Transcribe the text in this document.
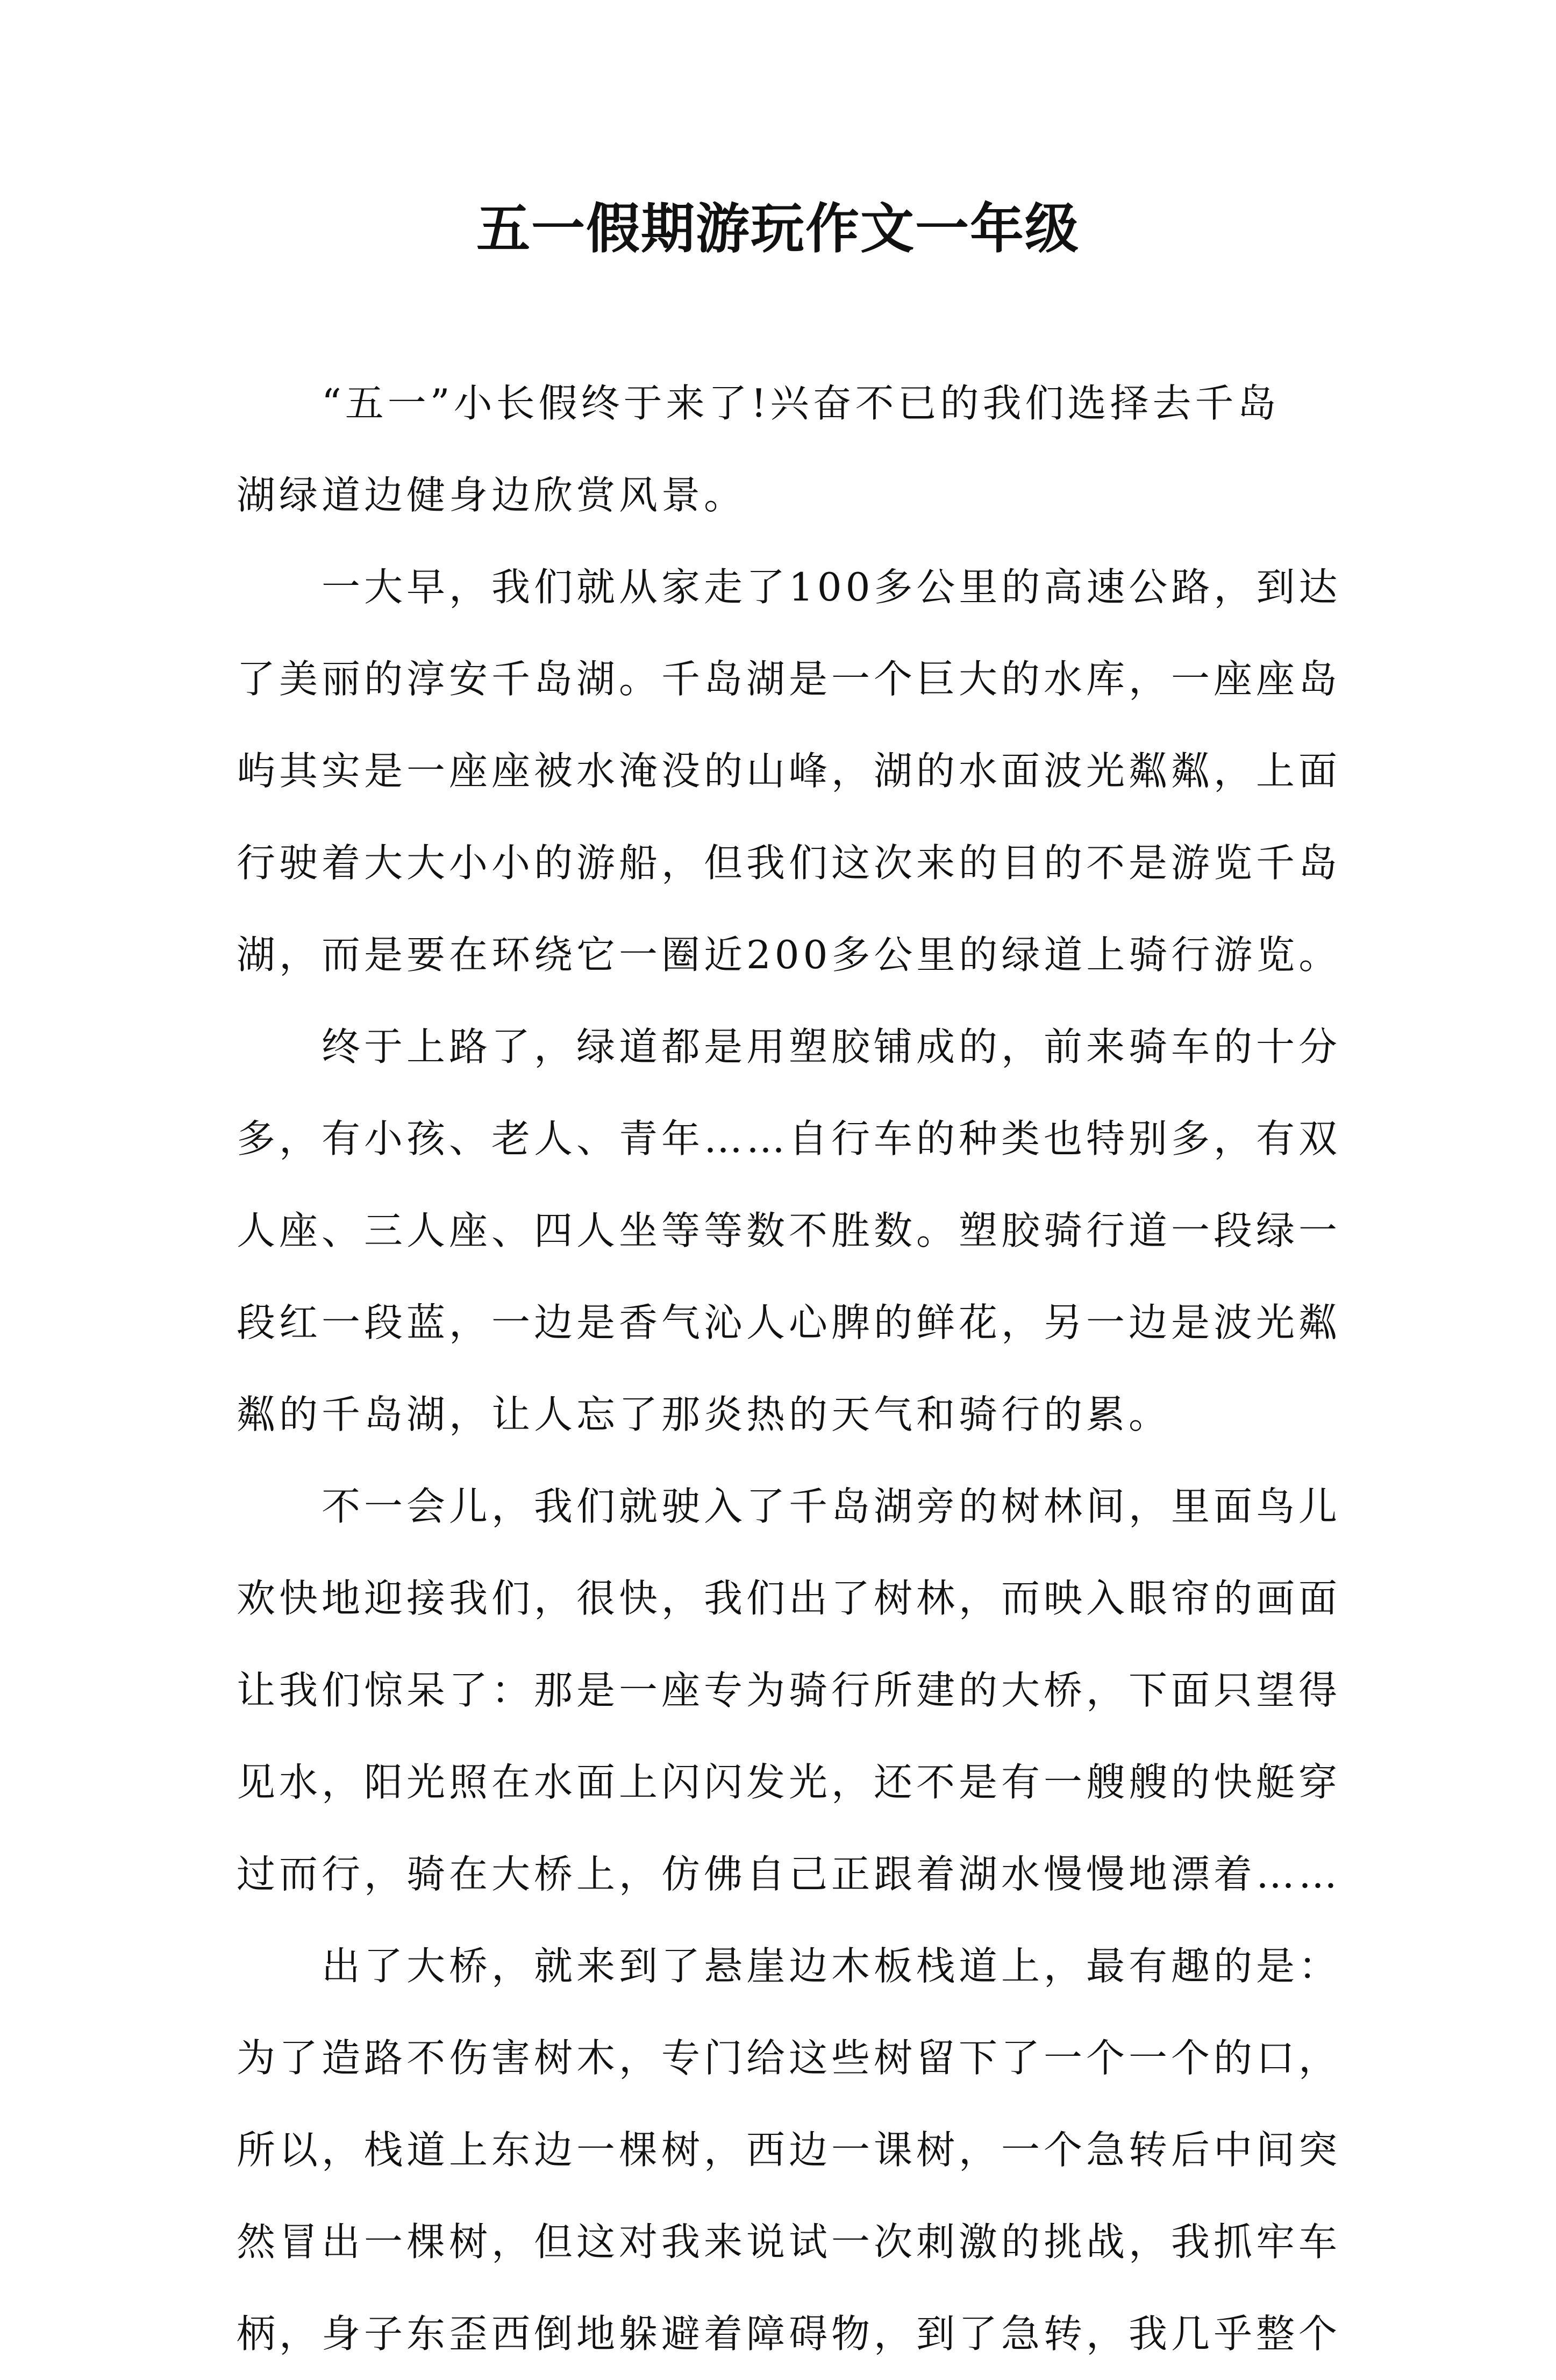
五一假期游玩作文一年级
　　“五一”小长假终于来了!兴奋不已的我们选择去千岛
湖绿道边健身边欣赏风景。
　　一大早，我们就从家走了100多公里的高速公路，到达
了美丽的淳安千岛湖。千岛湖是一个巨大的水库，一座座岛
屿其实是一座座被水淹没的山峰，湖的水面波光粼粼，上面
行驶着大大小小的游船，但我们这次来的目的不是游览千岛
湖，而是要在环绕它一圈近200多公里的绿道上骑行游览。
　　终于上路了，绿道都是用塑胶铺成的，前来骑车的十分
多，有小孩、老人、青年……自行车的种类也特别多，有双
人座、三人座、四人坐等等数不胜数。塑胶骑行道一段绿一
段红一段蓝，一边是香气沁人心脾的鲜花，另一边是波光粼
粼的千岛湖，让人忘了那炎热的天气和骑行的累。
　　不一会儿，我们就驶入了千岛湖旁的树林间，里面鸟儿
欢快地迎接我们，很快，我们出了树林，而映入眼帘的画面
让我们惊呆了：那是一座专为骑行所建的大桥，下面只望得
见水，阳光照在水面上闪闪发光，还不是有一艘艘的快艇穿
过而行，骑在大桥上，仿佛自己正跟着湖水慢慢地漂着……
　　出了大桥，就来到了悬崖边木板栈道上，最有趣的是：
为了造路不伤害树木，专门给这些树留下了一个一个的口，
所以，栈道上东边一棵树，西边一课树，一个急转后中间突
然冒出一棵树，但这对我来说试一次刺激的挑战，我抓牢车
柄，身子东歪西倒地躲避着障碍物，到了急转，我几乎整个
